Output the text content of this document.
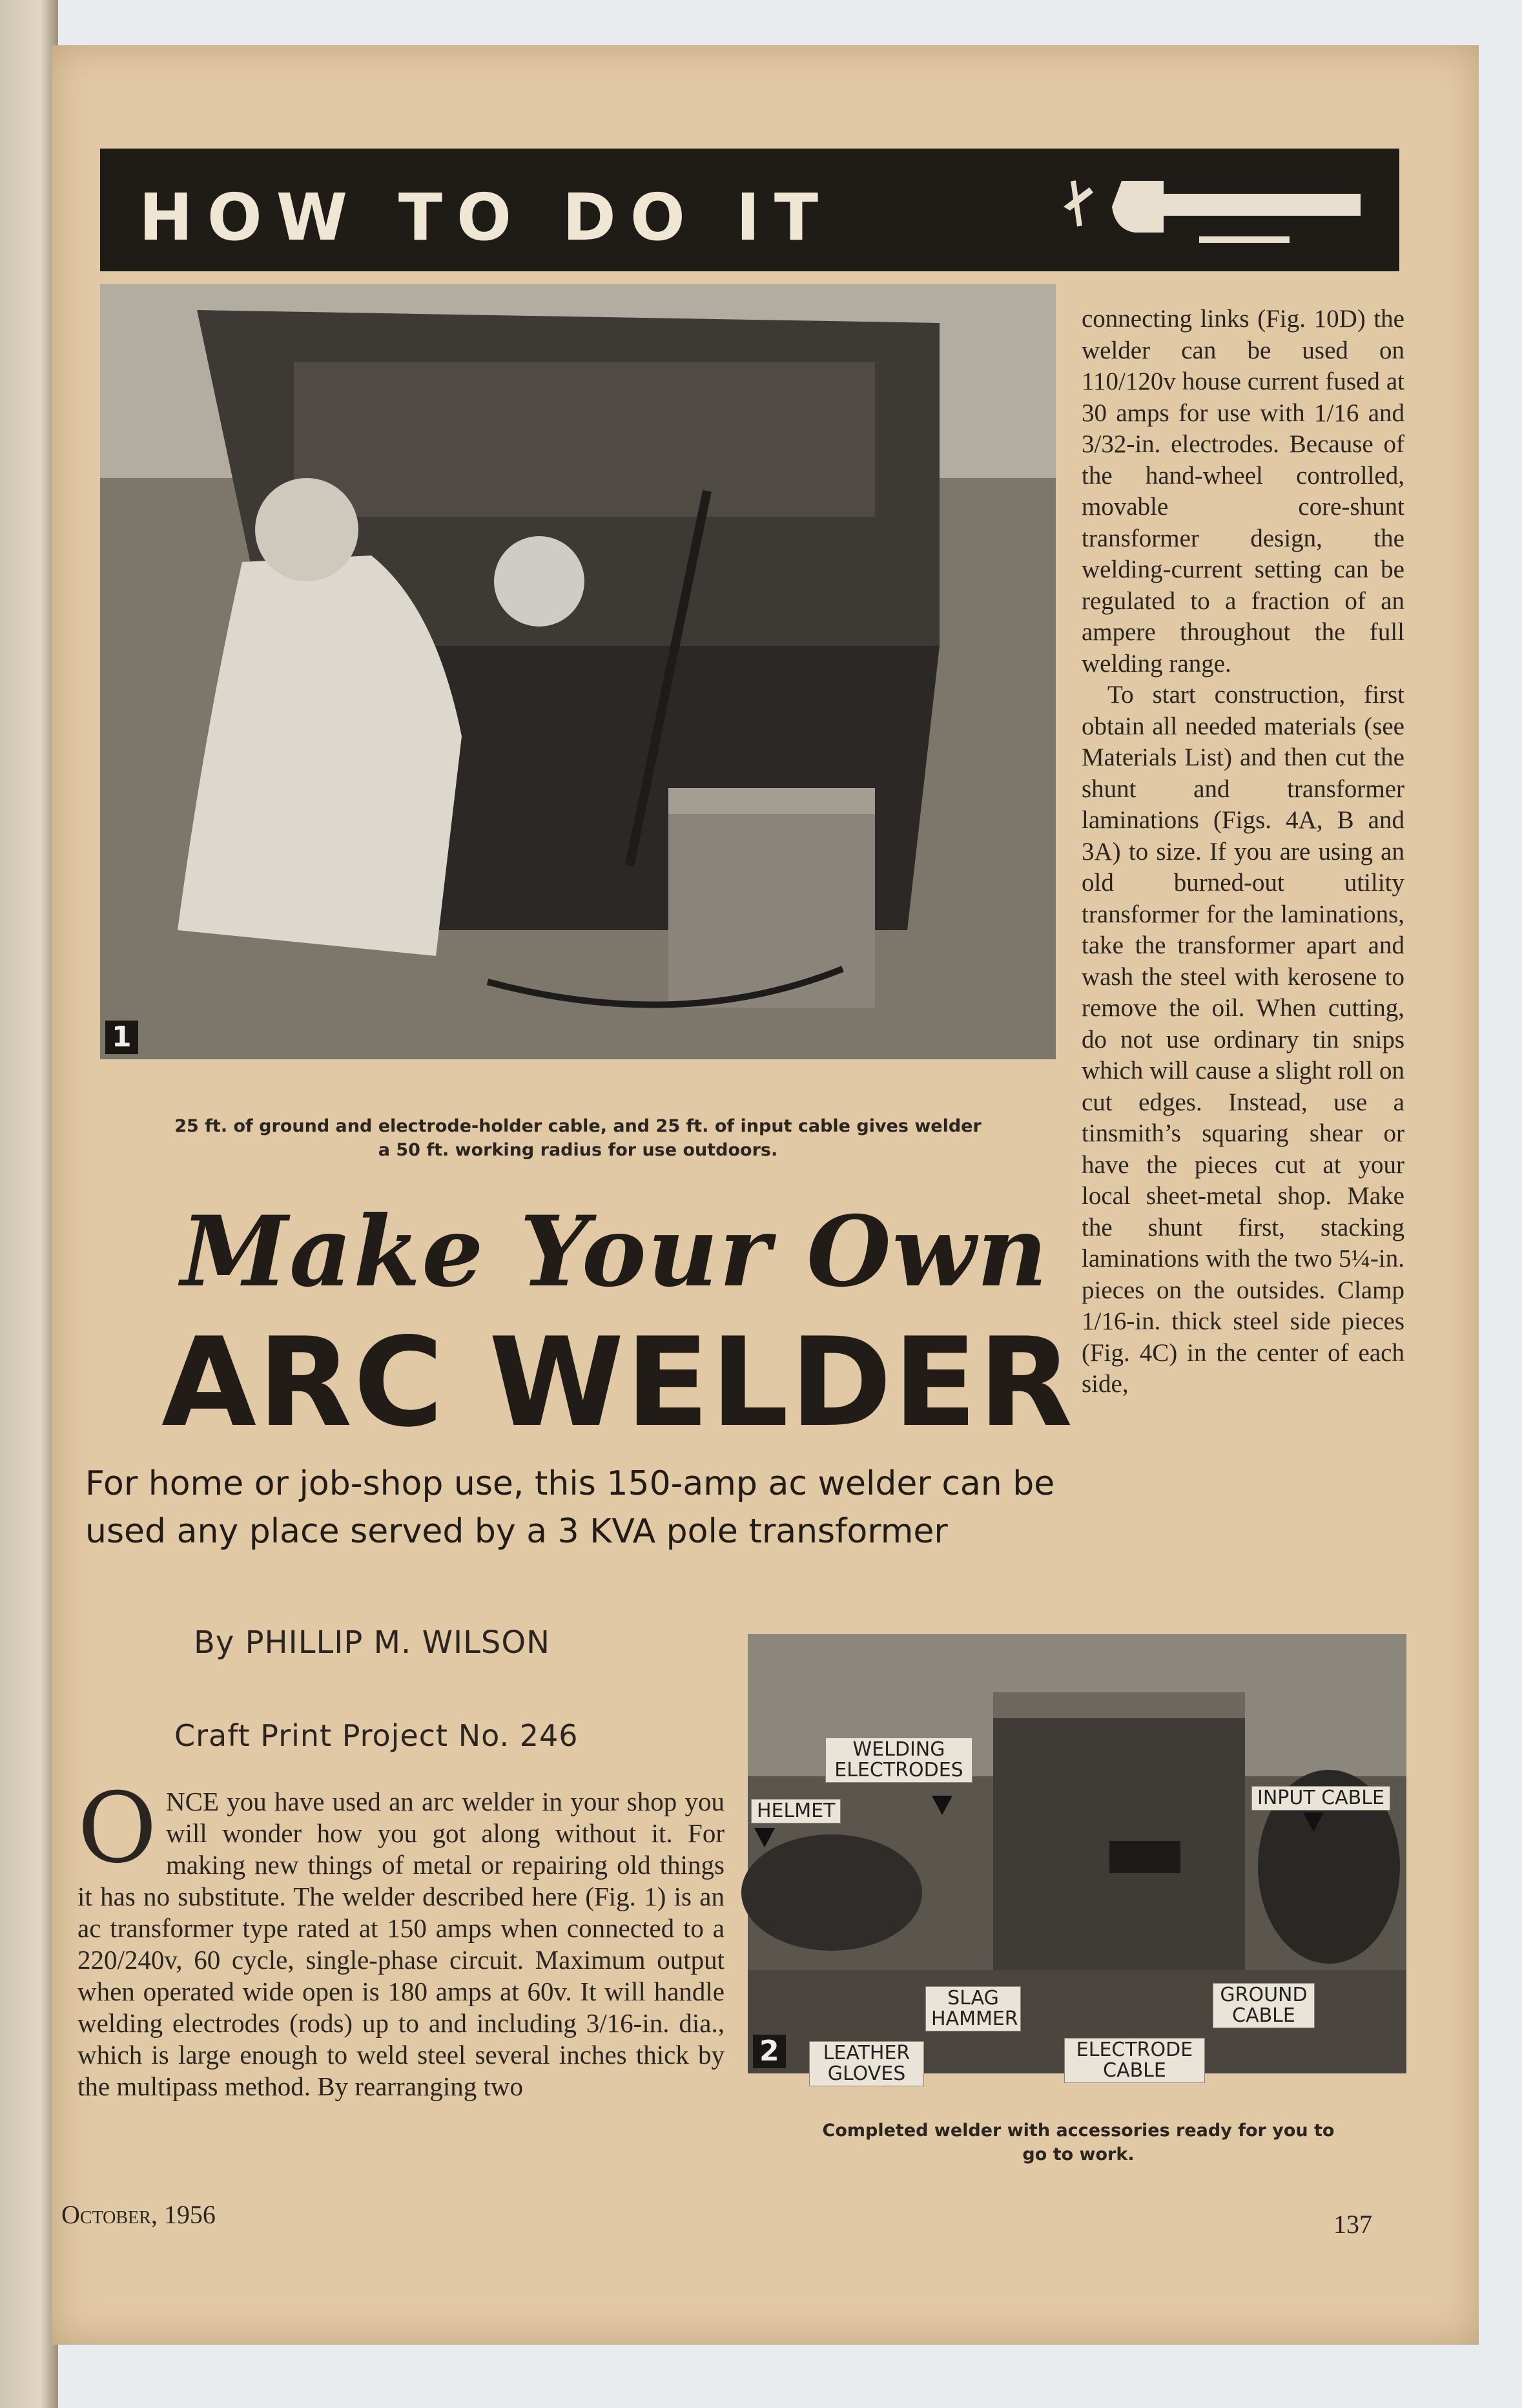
HOW TO DO IT
1
25 ft. of ground and electrode-holder cable, and 25 ft. of input cable gives welder
a 50 ft. working radius for use outdoors.
Make Your Own
ARC WELDER
For home or job-shop use, this 150-amp ac welder can be used any place served by a 3 KVA pole transformer
By PHILLIP M. WILSON
Craft Print Project No. 246
O NCE you have used an arc welder in your shop you will wonder how you got along without it. For making new things of metal or repairing old things it has no substitute. The welder described here (Fig. 1) is an ac transformer type rated at 150 amps when connected to a 220/240v, 60 cycle, single-phase circuit. Maximum output when operated wide open is 180 amps at 60v. It will handle welding electrodes (rods) up to and including 3/16-in. dia., which is large enough to weld steel several inches thick by the multipass method. By rearranging two

connecting links (Fig. 10D) the welder can be used on 110/120v house current fused at 30 amps for use with 1/16 and 3/32-in. electrodes. Because of the hand-wheel controlled, movable core-shunt transformer design, the welding-current setting can be regulated to a fraction of an ampere throughout the full welding range.

To start construction, first obtain all needed materials (see Materials List) and then cut the shunt and transformer laminations (Figs. 4A, B and 3A) to size. If you are using an old burned-out utility transformer for the laminations, take the transformer apart and wash the steel with kerosene to remove the oil. When cutting, do not use ordinary tin snips which will cause a slight roll on cut edges. Instead, use a tinsmith’s squaring shear or have the pieces cut at your local sheet-metal shop. Make the shunt first, stacking laminations with the two 5¼-in. pieces on the outsides. Clamp 1/16-in. thick steel side pieces (Fig. 4C) in the center of each side,

WELDING ELECTRODES
HELMET
INPUT CABLE
SLAG HAMMER
GROUND CABLE
LEATHER GLOVES
ELECTRODE CABLE
2
Completed welder with accessories ready for you to
go to work.
October, 1956	137
